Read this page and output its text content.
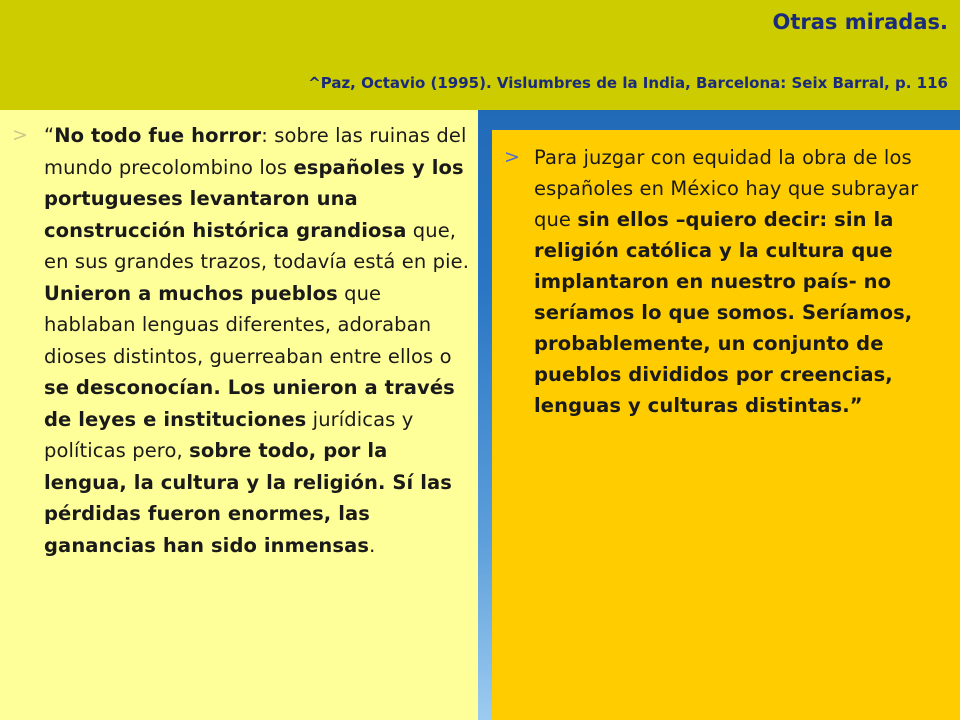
Otras miradas.
^Paz, Octavio (1995). Vislumbres de la India, Barcelona: Seix Barral, p. 116
> “No todo fue horror: sobre las ruinas del mundo precolombino los españoles y los portugueses levantaron una construcción histórica grandiosa que, en sus grandes trazos, todavía está en pie. Unieron a muchos pueblos que hablaban lenguas diferentes, adoraban dioses distintos, guerreaban entre ellos o se desconocían. Los unieron a través de leyes e instituciones jurídicas y políticas pero, sobre todo, por la lengua, la cultura y la religión. Sí las pérdidas fueron enormes, las ganancias han sido inmensas.
> Para juzgar con equidad la obra de los españoles en México hay que subrayar que sin ellos –quiero decir: sin la religión católica y la cultura que implantaron en nuestro país- no seríamos lo que somos. Seríamos, probablemente, un conjunto de pueblos divididos por creencias, lenguas y culturas distintas.”
